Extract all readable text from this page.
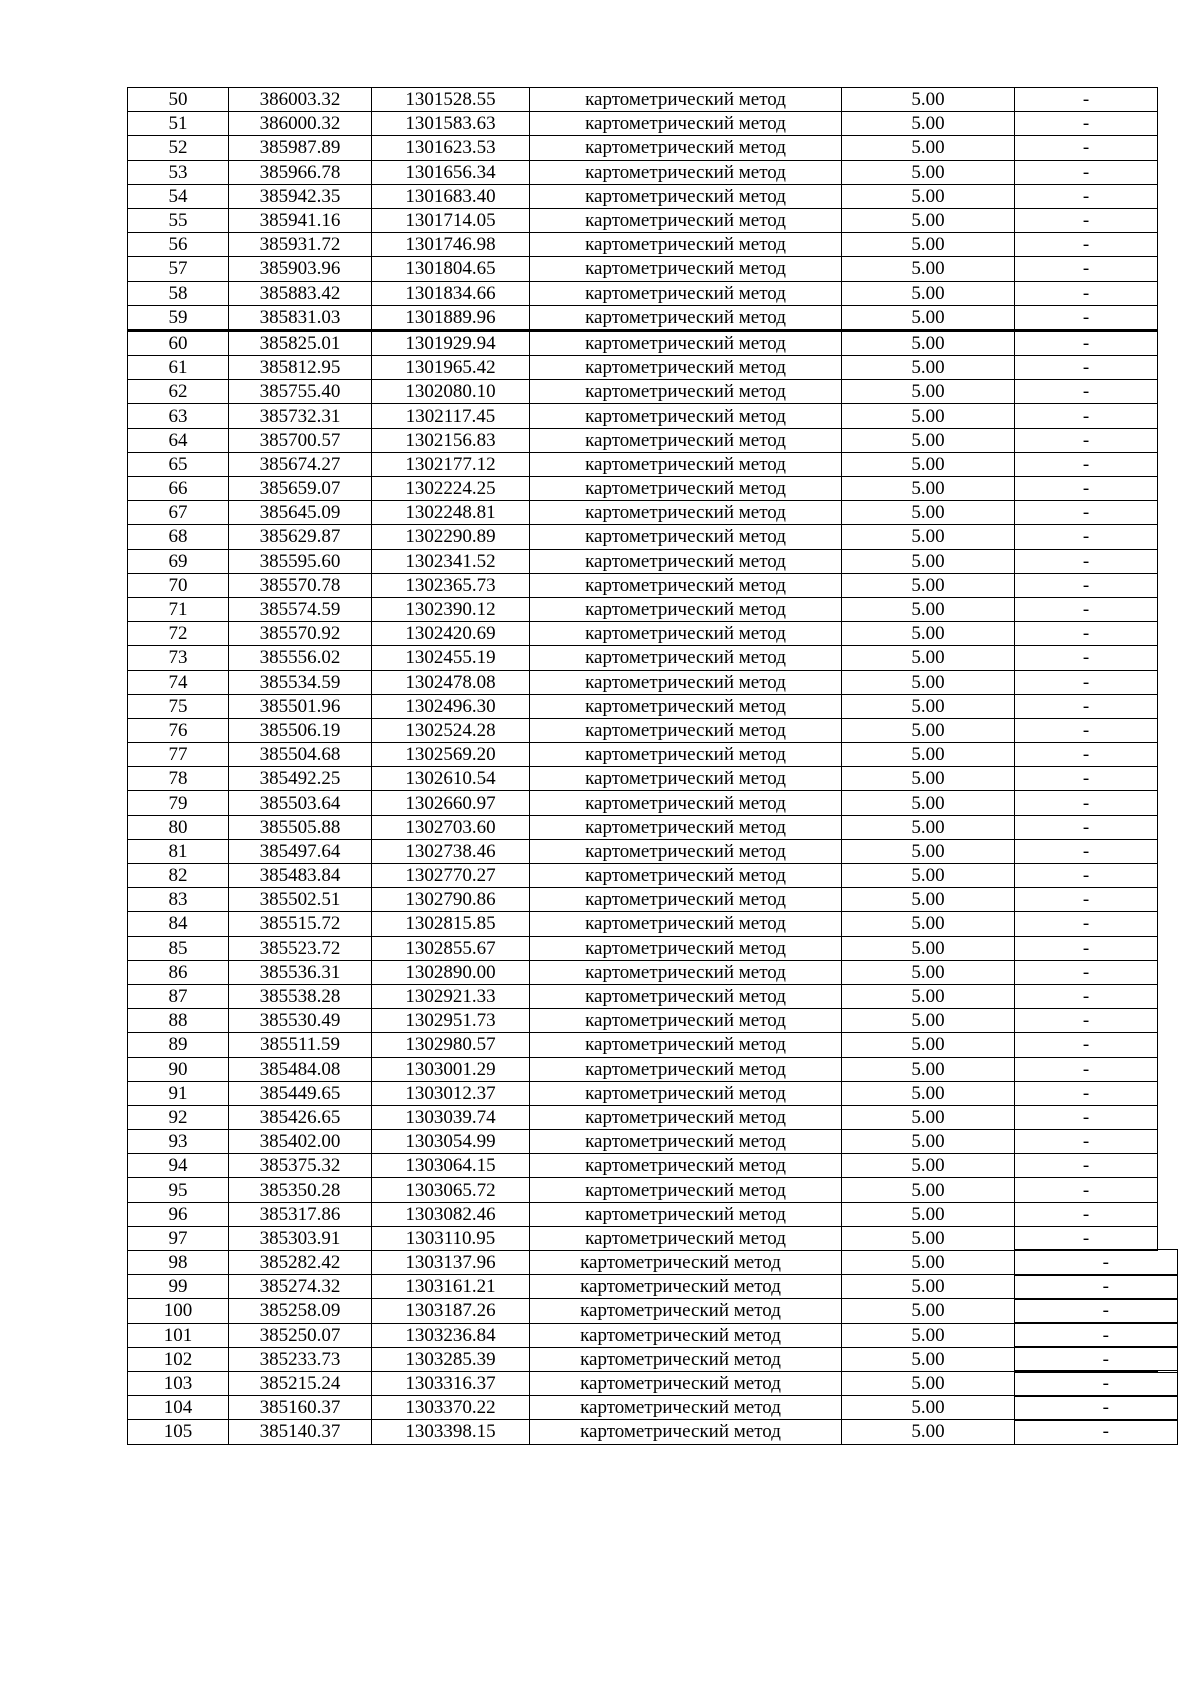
50	386003.32	1301528.55	картометрический метод	5.00	-
51	386000.32	1301583.63	картометрический метод	5.00	-
52	385987.89	1301623.53	картометрический метод	5.00	-
53	385966.78	1301656.34	картометрический метод	5.00	-
54	385942.35	1301683.40	картометрический метод	5.00	-
55	385941.16	1301714.05	картометрический метод	5.00	-
56	385931.72	1301746.98	картометрический метод	5.00	-
57	385903.96	1301804.65	картометрический метод	5.00	-
58	385883.42	1301834.66	картометрический метод	5.00	-
59	385831.03	1301889.96	картометрический метод	5.00	-
60	385825.01	1301929.94	картометрический метод	5.00	-
61	385812.95	1301965.42	картометрический метод	5.00	-
62	385755.40	1302080.10	картометрический метод	5.00	-
63	385732.31	1302117.45	картометрический метод	5.00	-
64	385700.57	1302156.83	картометрический метод	5.00	-
65	385674.27	1302177.12	картометрический метод	5.00	-
66	385659.07	1302224.25	картометрический метод	5.00	-
67	385645.09	1302248.81	картометрический метод	5.00	-
68	385629.87	1302290.89	картометрический метод	5.00	-
69	385595.60	1302341.52	картометрический метод	5.00	-
70	385570.78	1302365.73	картометрический метод	5.00	-
71	385574.59	1302390.12	картометрический метод	5.00	-
72	385570.92	1302420.69	картометрический метод	5.00	-
73	385556.02	1302455.19	картометрический метод	5.00	-
74	385534.59	1302478.08	картометрический метод	5.00	-
75	385501.96	1302496.30	картометрический метод	5.00	-
76	385506.19	1302524.28	картометрический метод	5.00	-
77	385504.68	1302569.20	картометрический метод	5.00	-
78	385492.25	1302610.54	картометрический метод	5.00	-
79	385503.64	1302660.97	картометрический метод	5.00	-
80	385505.88	1302703.60	картометрический метод	5.00	-
81	385497.64	1302738.46	картометрический метод	5.00	-
82	385483.84	1302770.27	картометрический метод	5.00	-
83	385502.51	1302790.86	картометрический метод	5.00	-
84	385515.72	1302815.85	картометрический метод	5.00	-
85	385523.72	1302855.67	картометрический метод	5.00	-
86	385536.31	1302890.00	картометрический метод	5.00	-
87	385538.28	1302921.33	картометрический метод	5.00	-
88	385530.49	1302951.73	картометрический метод	5.00	-
89	385511.59	1302980.57	картометрический метод	5.00	-
90	385484.08	1303001.29	картометрический метод	5.00	-
91	385449.65	1303012.37	картометрический метод	5.00	-
92	385426.65	1303039.74	картометрический метод	5.00	-
93	385402.00	1303054.99	картометрический метод	5.00	-
94	385375.32	1303064.15	картометрический метод	5.00	-
95	385350.28	1303065.72	картометрический метод	5.00	-
96	385317.86	1303082.46	картометрический метод	5.00	-
97	385303.91	1303110.95	картометрический метод	5.00	-
98	385282.42	1303137.96	картометрический метод	5.00	-

99	385274.32	1303161.21	картометрический метод	5.00	-

100	385258.09	1303187.26	картометрический метод	5.00	-

101	385250.07	1303236.84	картометрический метод	5.00	-

102	385233.73	1303285.39	картометрический метод	5.00	-

103	385215.24	1303316.37	картометрический метод	5.00	-

104	385160.37	1303370.22	картометрический метод	5.00	-

105	385140.37	1303398.15	картометрический метод	5.00	-
